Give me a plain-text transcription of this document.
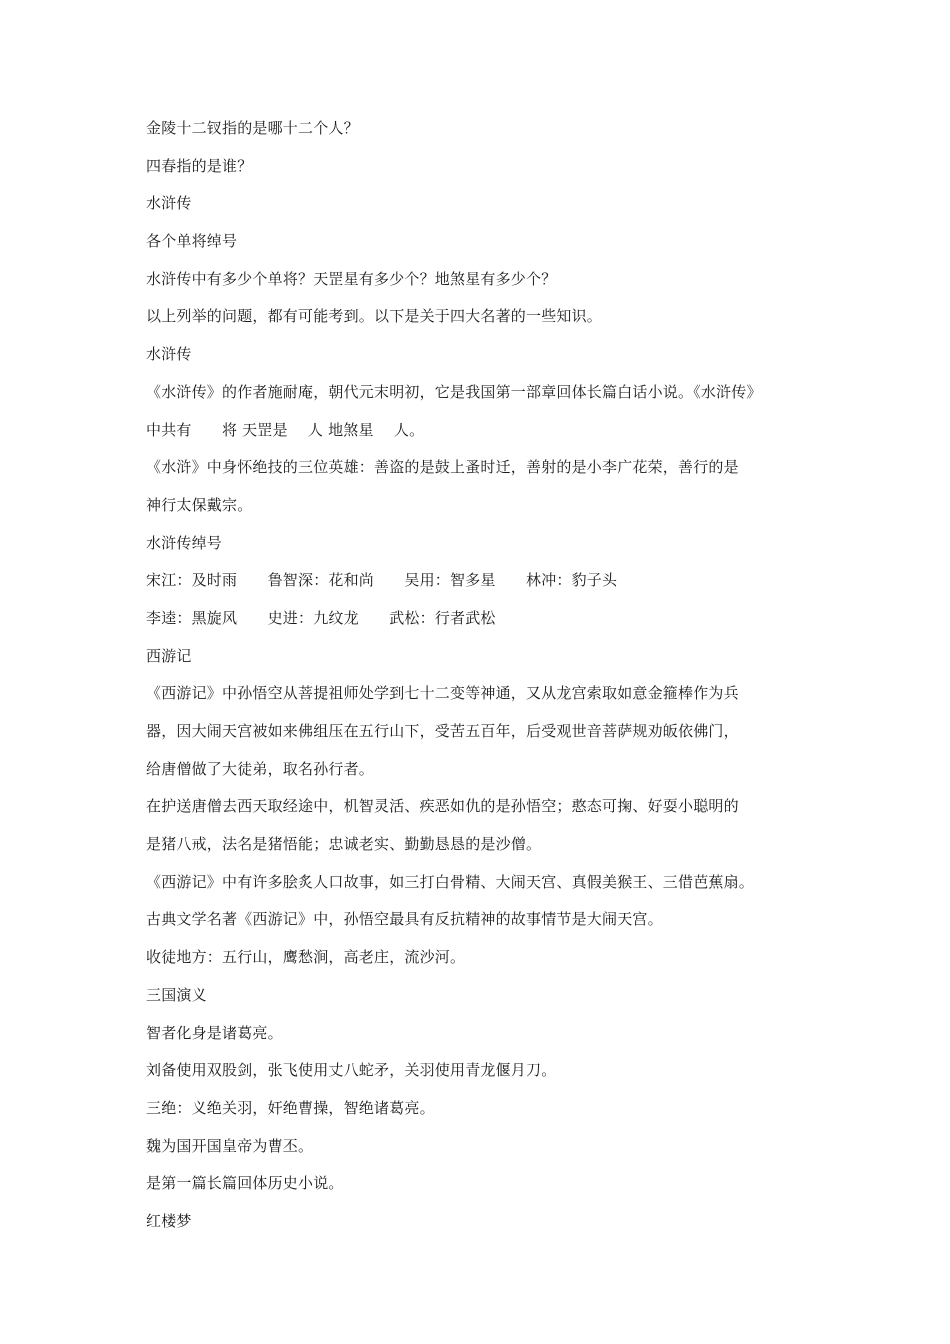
金陵十二钗指的是哪十二个人？
四春指的是谁？
水浒传
各个单将绰号
水浒传中有多少个单将？天罡星有多少个？地煞星有多少个？
以上列举的问题，都有可能考到。以下是关于四大名著的一些知识。
水浒传
《水浒传》的作者施耐庵，朝代元末明初，它是我国第一部章回体长篇白话小说。《水浒传》
中共有　　将 天罡是　 人 地煞星　 人。
《水浒》中身怀绝技的三位英雄：善盗的是鼓上蚤时迁，善射的是小李广花荣，善行的是
神行太保戴宗。
水浒传绰号
宋江：及时雨　　鲁智深：花和尚　　吴用：智多星　　林冲：豹子头
李逵：黑旋风　　史进：九纹龙　　武松：行者武松
西游记
《西游记》中孙悟空从菩提祖师处学到七十二变等神通，又从龙宫索取如意金箍棒作为兵
器，因大闹天宫被如来佛组压在五行山下，受苦五百年，后受观世音菩萨规劝皈依佛门，
给唐僧做了大徒弟，取名孙行者。
在护送唐僧去西天取经途中，机智灵活、疾恶如仇的是孙悟空；憨态可掬、好耍小聪明的
是猪八戒，法名是猪悟能；忠诚老实、勤勤恳恳的是沙僧。
《西游记》中有许多脍炙人口故事，如三打白骨精、大闹天宫、真假美猴王、三借芭蕉扇。
古典文学名著《西游记》中，孙悟空最具有反抗精神的故事情节是大闹天宫。
收徒地方：五行山，鹰愁涧，高老庄，流沙河。
三国演义
智者化身是诸葛亮。
刘备使用双股剑，张飞使用丈八蛇矛，关羽使用青龙偃月刀。
三绝：义绝关羽，奸绝曹操，智绝诸葛亮。
魏为国开国皇帝为曹丕。
是第一篇长篇回体历史小说。
红楼梦
